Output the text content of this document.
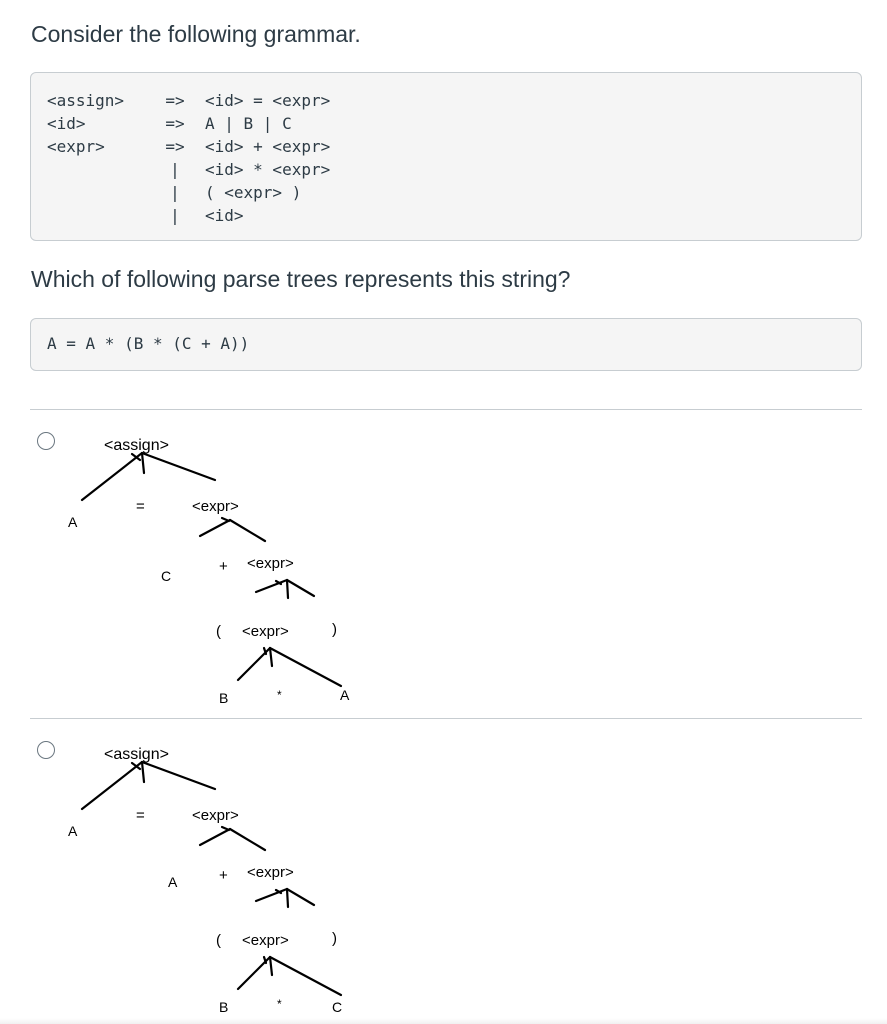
Consider the following grammar.

<assign>	=> <id> = <expr>
<id>	=> A | B | C
<expr>	=> <id> + <expr>
|	<id> * <expr>
|	( <expr> )
|	<id>

Which of following parse trees represents this string?

A = A * (B * (C + A))
<assign>
A
=	<expr>
C
+ <expr>
( <expr>	)
B	*	A
<assign>
A
=	<expr>
A	+ <expr>
( <expr>	)
B	*	C
